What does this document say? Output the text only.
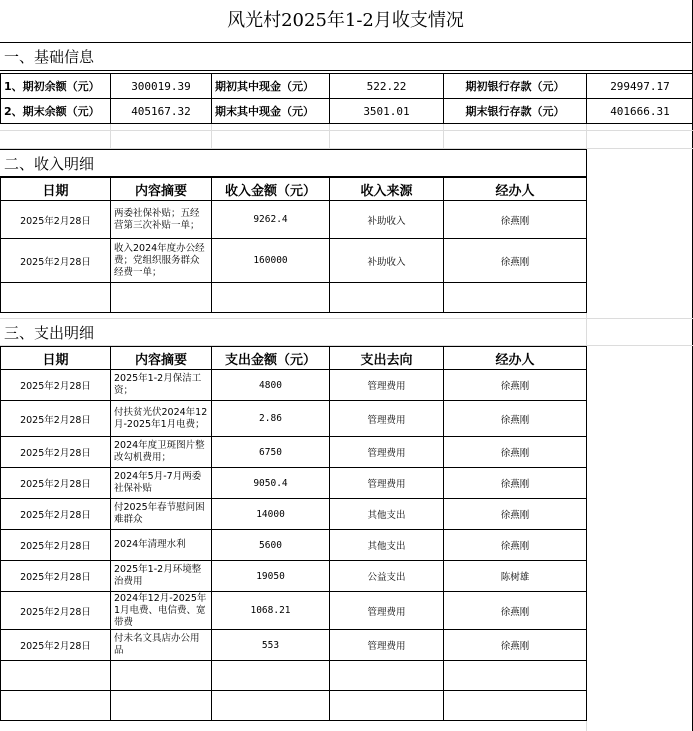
风光村2025年1-2月收支情况
一、基础信息
1、期初余额（元）	300019.39	期初其中现金（元）	522.22	期初银行存款（元）	299497.17
2、期末余额（元）	405167.32	期末其中现金（元）	3501.01	期末银行存款（元）	401666.31
二、收入明细
日期	内容摘要	收入金额（元）	收入来源	经办人
2025年2月28日	两委社保补贴；五经营第三次补贴一单；	9262.4	补助收入	徐燕刚
2025年2月28日	收入2024年度办公经费；党组织服务群众经费一单；	160000	补助收入	徐燕刚

三、支出明细
日期	内容摘要	支出金额（元）	支出去向	经办人
2025年2月28日	2025年1-2月保洁工资；	4800	管理费用	徐燕刚
2025年2月28日	付扶贫光伏2024年12月-2025年1月电费；	2.86	管理费用	徐燕刚
2025年2月28日	2024年度卫斑图片整改勾机费用；	6750	管理费用	徐燕刚
2025年2月28日	2024年5月-7月两委社保补贴	9050.4	管理费用	徐燕刚
2025年2月28日	付2025年春节慰问困难群众	14000	其他支出	徐燕刚
2025年2月28日	2024年清理水利	5600	其他支出	徐燕刚
2025年2月28日	2025年1-2月环境整治费用	19050	公益支出	陈树雄
2025年2月28日	2024年12月-2025年1月电费、电信费、宽带费	1068.21	管理费用	徐燕刚
2025年2月28日	付未名文具店办公用品	553	管理费用	徐燕刚
